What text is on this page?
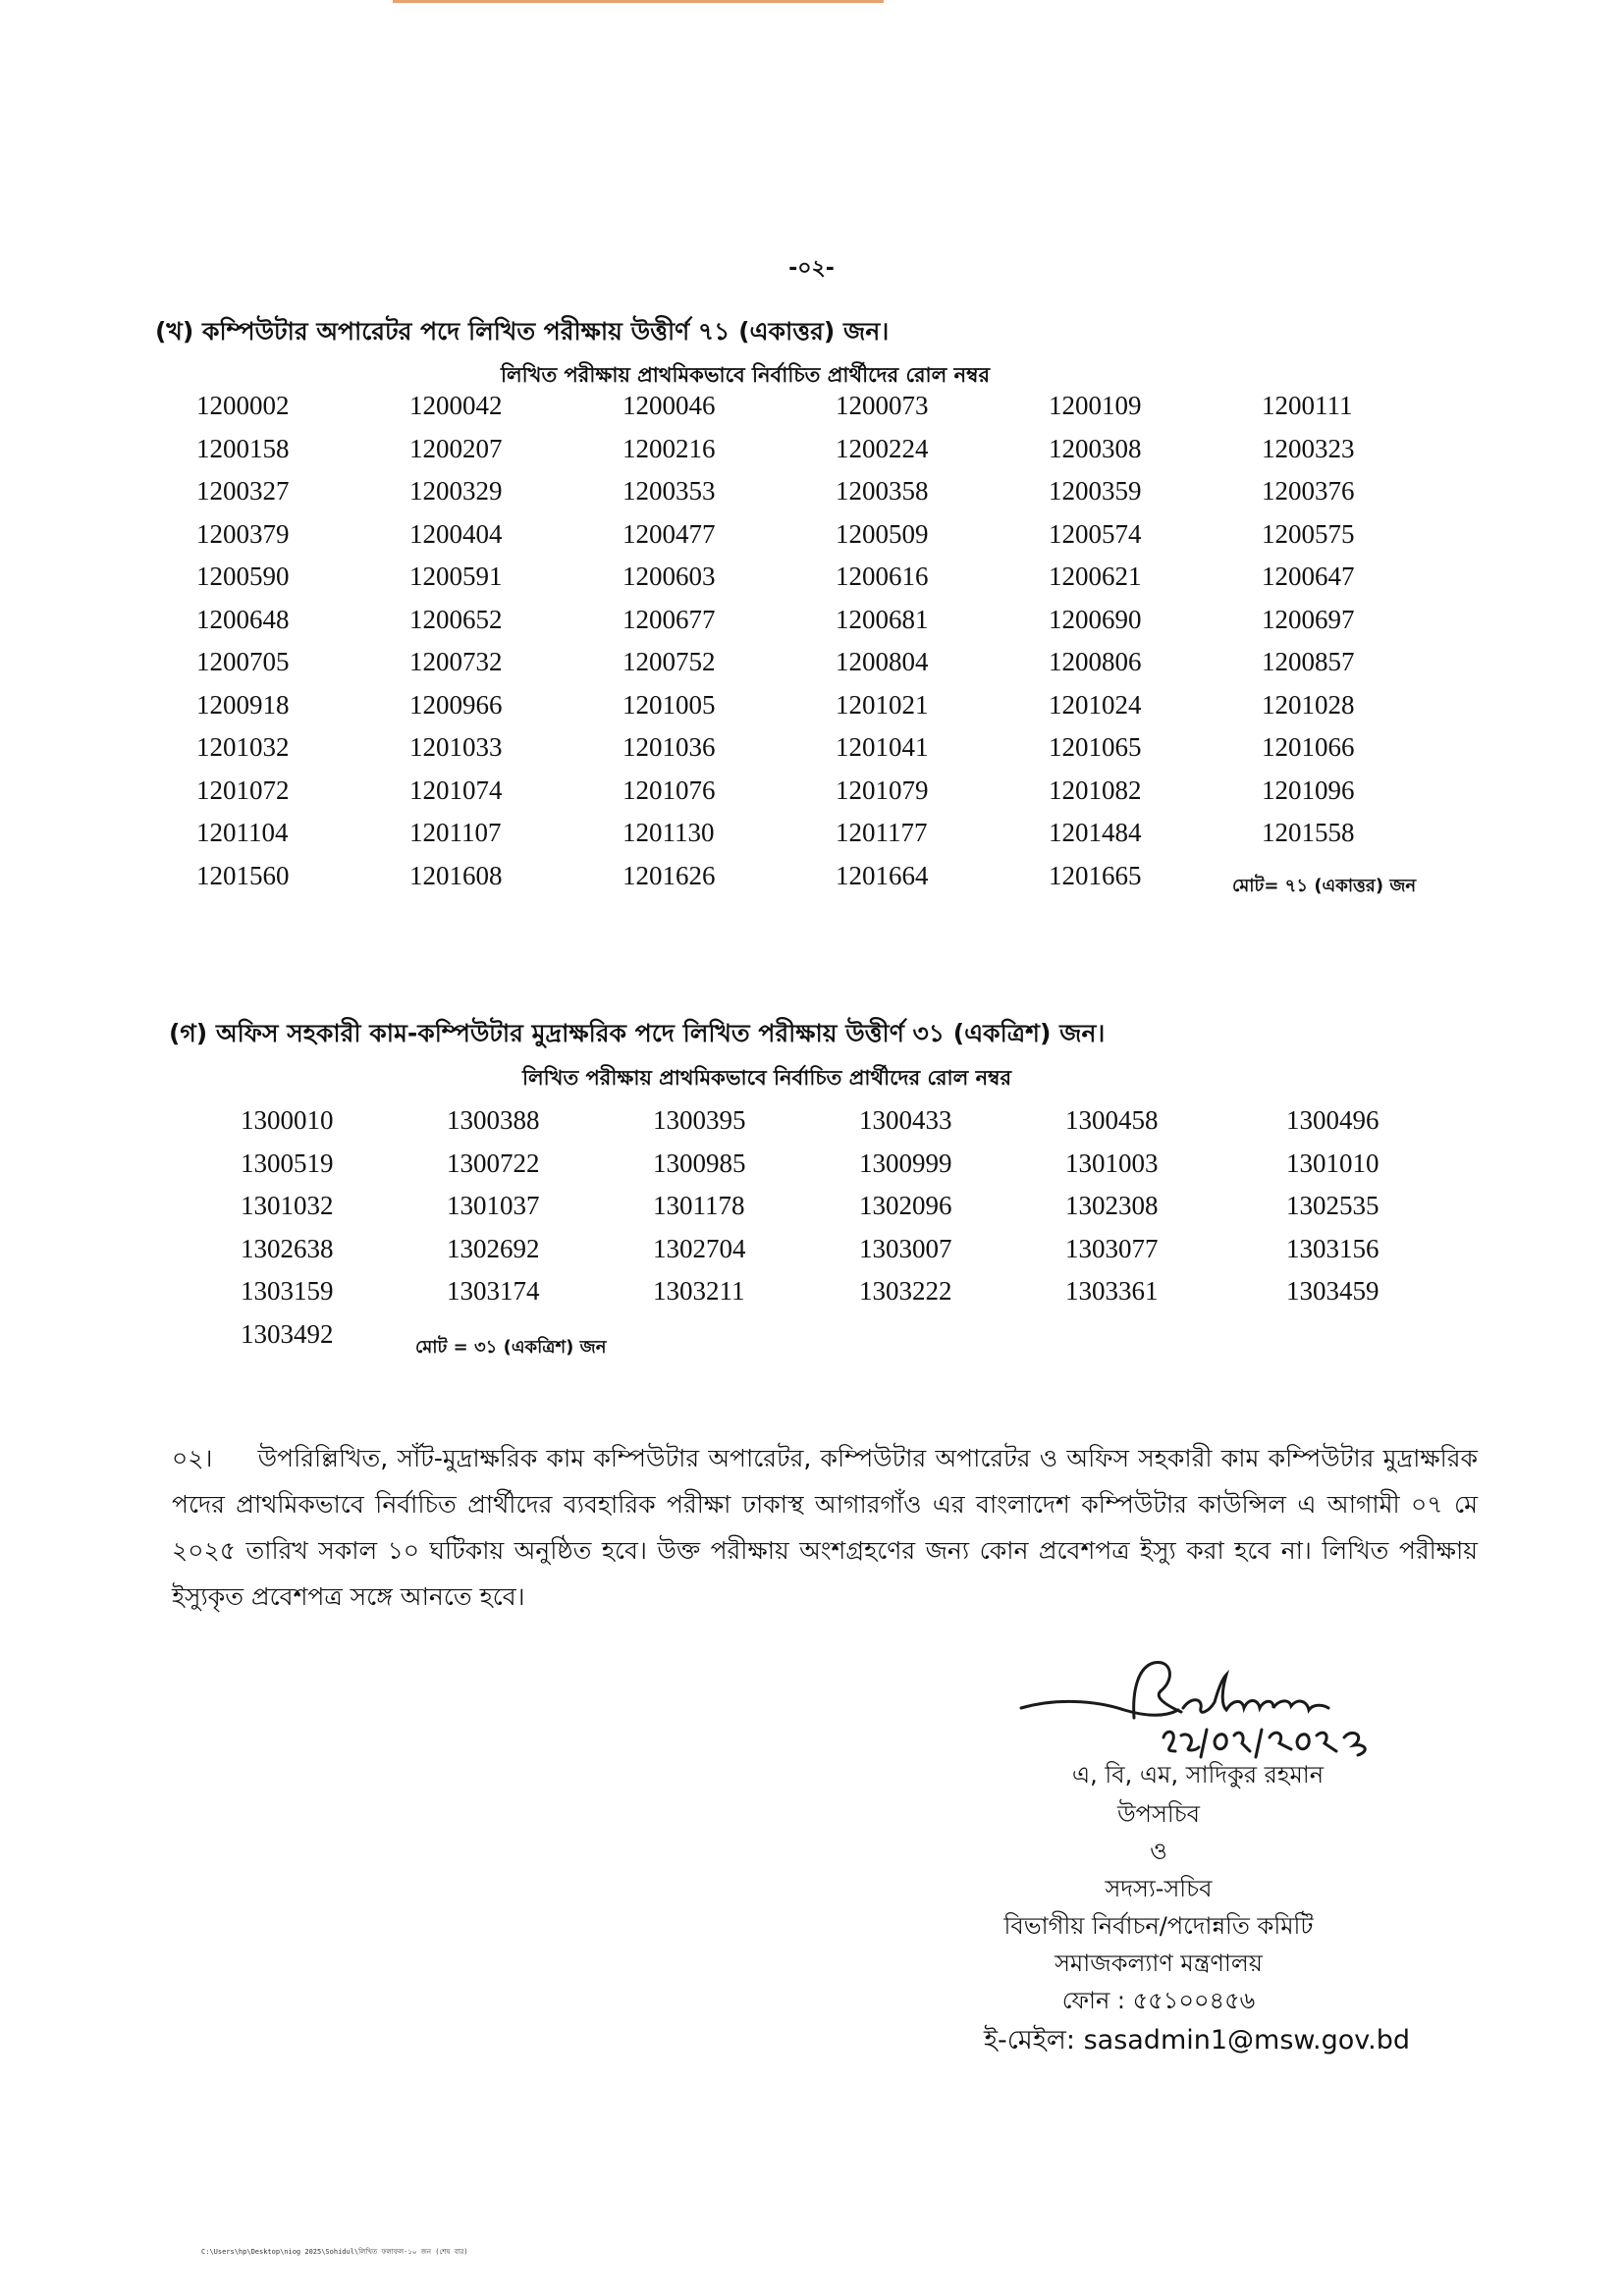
-০২-
(খ) কম্পিউটার অপারেটর পদে লিখিত পরীক্ষায় উত্তীর্ণ ৭১ (একাত্তর) জন।
লিখিত পরীক্ষায় প্রাথমিকভাবে নির্বাচিত প্রার্থীদের রোল নম্বর
1200002	1200042	1200046	1200073	1200109	1200111
1200158	1200207	1200216	1200224	1200308	1200323
1200327	1200329	1200353	1200358	1200359	1200376
1200379	1200404	1200477	1200509	1200574	1200575
1200590	1200591	1200603	1200616	1200621	1200647
1200648	1200652	1200677	1200681	1200690	1200697
1200705	1200732	1200752	1200804	1200806	1200857
1200918	1200966	1201005	1201021	1201024	1201028
1201032	1201033	1201036	1201041	1201065	1201066
1201072	1201074	1201076	1201079	1201082	1201096
1201104	1201107	1201130	1201177	1201484	1201558
1201560	1201608	1201626	1201664	1201665	মোট= ৭১ (একাত্তর) জন
(গ) অফিস সহকারী কাম-কম্পিউটার মুদ্রাক্ষরিক পদে লিখিত পরীক্ষায় উত্তীর্ণ ৩১ (একত্রিশ) জন।
লিখিত পরীক্ষায় প্রাথমিকভাবে নির্বাচিত প্রার্থীদের রোল নম্বর
1300010	1300388	1300395	1300433	1300458	1300496
1300519	1300722	1300985	1300999	1301003	1301010
1301032	1301037	1301178	1302096	1302308	1302535
1302638	1302692	1302704	1303007	1303077	1303156
1303159	1303174	1303211	1303222	1303361	1303459
1303492	মোট = ৩১ (একত্রিশ) জন
০২। উপরিল্লিখিত, সাঁট-মুদ্রাক্ষরিক কাম কম্পিউটার অপারেটর, কম্পিউটার অপারেটর ও অফিস সহকারী কাম কম্পিউটার মুদ্রাক্ষরিক পদের প্রাথমিকভাবে নির্বাচিত প্রার্থীদের ব্যবহারিক পরীক্ষা ঢাকাস্থ আগারগাঁও এর বাংলাদেশ কম্পিউটার কাউন্সিল এ আগামী ০৭ মে ২০২৫ তারিখ সকাল ১০ ঘটিকায় অনুষ্ঠিত হবে। উক্ত পরীক্ষায় অংশগ্রহণের জন্য কোন প্রবেশপত্র ইস্যু করা হবে না। লিখিত পরীক্ষায় ইস্যুকৃত প্রবেশপত্র সঙ্গে আনতে হবে।
এ, বি, এম, সাদিকুর রহমান
উপসচিব
ও
সদস্য-সচিব
বিভাগীয় নির্বাচন/পদোন্নতি কমিটি
সমাজকল্যাণ মন্ত্রণালয়
ফোন : ৫৫১০০৪৫৬
ই-মেইল: sasadmin1@msw.gov.bd
C:\Users\hp\Desktop\niog 2025\Sohidul\লিখিত ফলাফল-১০ জন (শেষ বার)
